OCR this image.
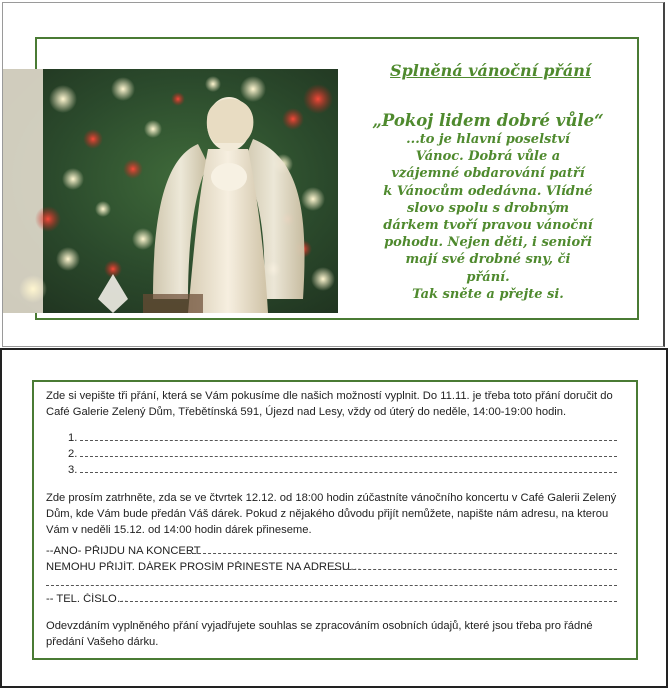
Splněná vánoční přání
„Pokoj lidem dobré vůle“
...to je hlavní poselství
Vánoc. Dobrá vůle a
vzájemné obdarování patří
k Vánocům odedávna. Vlídné
slovo spolu s drobným
dárkem tvoří pravou vánoční
pohodu. Nejen děti, i senioři
mají své drobné sny, či
přání.
Tak sněte a přejte si.
Zde si vepište tři přání, která se Vám pokusíme dle našich možností vyplnit. Do 11.11. je třeba toto přání doručit do
Café Galerie Zelený Dům, Třebětínská 591, Újezd nad Lesy, vždy od úterý do neděle, 14:00-19:00 hodin.
1.
2.
3.
Zde prosím zatrhněte, zda se ve čtvrtek 12.12. od 18:00 hodin zúčastníte vánočního koncertu v Café Galerii Zelený
Dům, kde Vám bude předán Váš dárek. Pokud z nějakého důvodu přijít nemůžete, napište nám adresu, na kterou
Vám v neděli 15.12. od 14:00 hodin dárek přineseme.
--ANO- PŘIJDU NA KONCERT
NEMOHU PŘIJÍT. DÁREK PROSÍM PŘINESTE NA ADRESU…
-- TEL. ČÍSLO…
Odevzdáním vyplněného přání vyjadřujete souhlas se zpracováním osobních údajů, které jsou třeba pro řádné
předání Vašeho dárku.
